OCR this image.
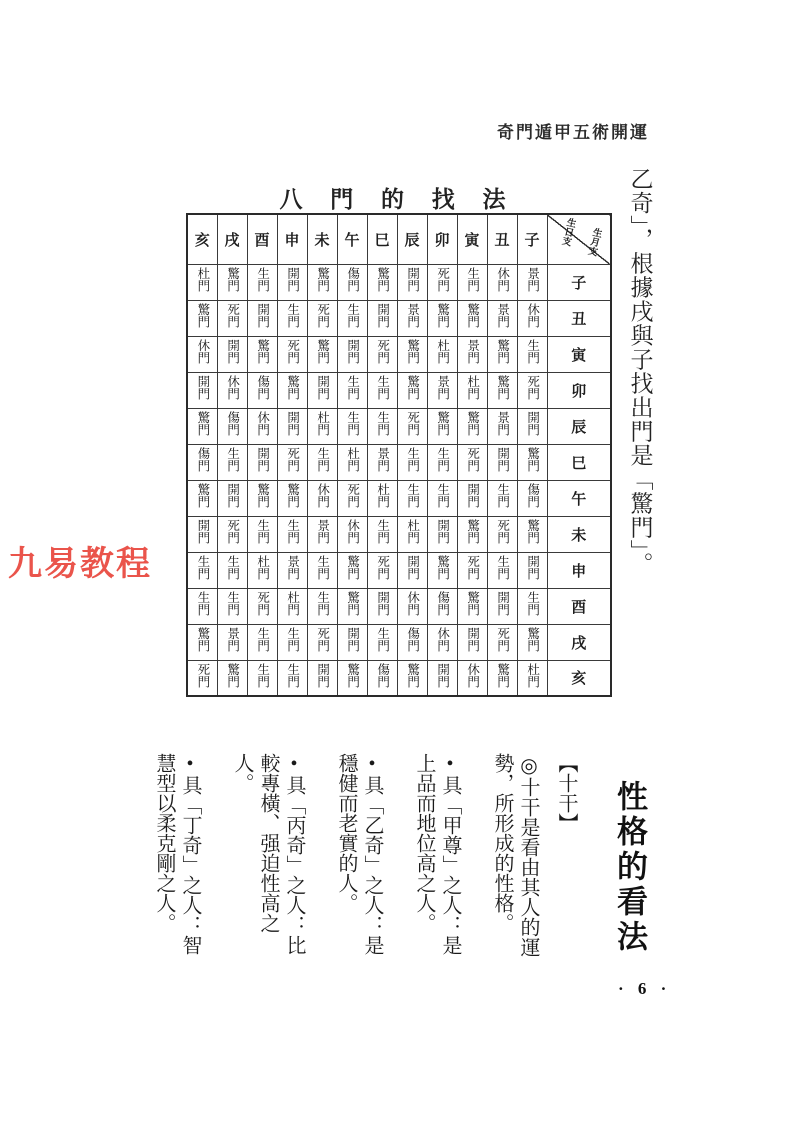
奇門遁甲五術開運
乙奇」，根據戌與子找出門是「驚門」。
八 門 的 找 法
亥	戌	酉	申	未	午	巳	辰	卯	寅	丑	子	生日支 生月支

杜門	驚門	生門	開門	驚門	傷門	驚門	開門	死門	生門	休門	景門	子
驚門	死門	開門	生門	死門	生門	開門	景門	驚門	驚門	景門	休門	丑
休門	開門	驚門	死門	驚門	開門	死門	驚門	杜門	景門	驚門	生門	寅
開門	休門	傷門	驚門	開門	生門	生門	驚門	景門	杜門	驚門	死門	卯
驚門	傷門	休門	開門	杜門	生門	生門	死門	驚門	驚門	景門	開門	辰
傷門	生門	開門	死門	生門	杜門	景門	生門	生門	死門	開門	驚門	巳
驚門	開門	驚門	驚門	休門	死門	杜門	生門	生門	開門	生門	傷門	午
開門	死門	生門	生門	景門	休門	生門	杜門	開門	驚門	死門	驚門	未
生門	生門	杜門	景門	生門	驚門	死門	開門	驚門	死門	生門	開門	申
生門	生門	死門	杜門	生門	驚門	開門	休門	傷門	驚門	開門	生門	酉
驚門	景門	生門	生門	死門	開門	生門	傷門	休門	開門	死門	驚門	戌
死門	驚門	生門	生門	開門	驚門	傷門	驚門	開門	休門	驚門	杜門	亥
九易教程
性格的看法

【十干】

◎十干是看由其人的運勢，所形成的性格。

•具「甲尊」之人：是上品而地位高之人。

•具「乙奇」之人：是穩健而老實的人。

•具「丙奇」之人：比較專橫、强迫性高之人。

•具「丁奇」之人：智慧型以柔克剛之人。

· 6 ·
